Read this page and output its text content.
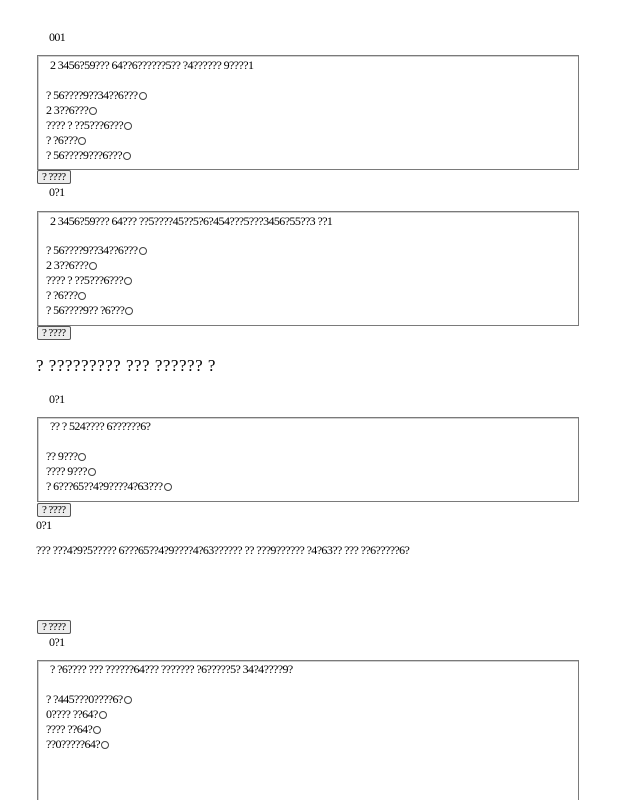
001
2 3456?59??? 64??6??????5?? ?4?????? 9????1
? 56????9??34??6???
2 3??6???
???? ? ??5???6???
? ?6???
? 56????9???6???
? ????
0?1
2 3456?59??? 64??? ??5????45??5?6?454???5???3456?55??3 ??1
? 56????9??34??6???
2 3??6???
???? ? ??5???6???
? ?6???
? 56????9?? ?6???
? ????
? ????????? ??? ?????? ?
0?1
?? ? 524???? 6??????6?
?? 9???
???? 9???
? 6???65??4?9????4?63???
? ????
0?1
??? ???4?9?5????? 6???65??4?9????4?63?????? ?? ???9?????? ?4?63?? ??? ??6?????6?
? ????
0?1
? ?6???? ??? ??????64??? ??????? ?6?????5? 34?4????9?
? ?445???0????6?
0???? ??64?
???? ??64?
??0?????64?
